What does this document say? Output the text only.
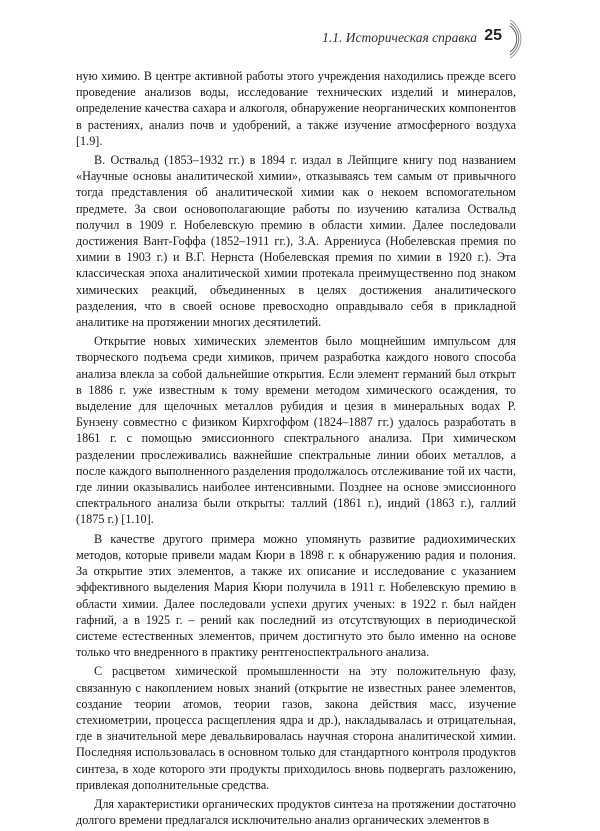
1.1. Историческая справка 25

ную химию. В центре активной работы этого учреждения находились прежде всего проведение анализов воды, исследование технических изделий и минералов, определение качества сахара и алкоголя, обнаружение неорганических компонентов в растениях, анализ почв и удобрений, а также изучение атмосферного воздуха [1.9].

В. Оствальд (1853–1932 гг.) в 1894 г. издал в Лейпциге книгу под названием «Научные основы аналитической химии», отказываясь тем самым от привычного тогда представления об аналитической химии как о некоем вспомогательном предмете. За свои основополагающие работы по изучению катализа Оствальд получил в 1909 г. Нобелевскую премию в области химии. Далее последовали достижения Вант-Гоффа (1852–1911 гг.), З.А. Аррениуса (Нобелевская премия по химии в 1903 г.) и В.Г. Нернста (Нобелевская премия по химии в 1920 г.). Эта классическая эпоха аналитической химии протекала преимущественно под знаком химических реакций, объединенных в целях достижения аналитического разделения, что в своей основе превосходно оправдывало себя в прикладной аналитике на протяжении многих десятилетий.

Открытие новых химических элементов было мощнейшим импульсом для творческого подъема среди химиков, причем разработка каждого нового способа анализа влекла за собой дальнейшие открытия. Если элемент германий был открыт в 1886 г. уже известным к тому времени методом химического осаждения, то выделение для щелочных металлов рубидия и цезия в минеральных водах Р. Бунзену совместно с физиком Кирхгоффом (1824–1887 гг.) удалось разработать в 1861 г. с помощью эмиссионного спектрального анализа. При химическом разделении прослеживались важнейшие спектральные линии обоих металлов, а после каждого выполненного разделения продолжалось отслеживание той их части, где линии оказывались наиболее интенсивными. Позднее на основе эмиссионного спектрального анализа были открыты: таллий (1861 г.), индий (1863 г.), галлий (1875 г.) [1.10].

В качестве другого примера можно упомянуть развитие радиохимических методов, которые привели мадам Кюри в 1898 г. к обнаружению радия и полония. За открытие этих элементов, а также их описание и исследование с указанием эффективного выделения Мария Кюри получила в 1911 г. Нобелевскую премию в области химии. Далее последовали успехи других ученых: в 1922 г. был найден гафний, а в 1925 г. – рений как последний из отсутствующих в периодической системе естественных элементов, причем достигнуто это было именно на основе только что внедренного в практику рентгеноспектрального анализа.

С расцветом химической промышленности на эту положительную фазу, связанную с накоплением новых знаний (открытие не известных ранее элементов, создание теории атомов, теории газов, закона действия масс, изучение стехиометрии, процесса расщепления ядра и др.), накладывалась и отрицательная, где в значительной мере девальвировалась научная сторона аналитической химии. Последняя использовалась в основном только для стандартного контроля продуктов синтеза, в ходе которого эти продукты приходилось вновь подвергать разложению, привлекая дополнительные средства.

Для характеристики органических продуктов синтеза на протяжении достаточно долгого времени предлагался исключительно анализ органических элементов в
